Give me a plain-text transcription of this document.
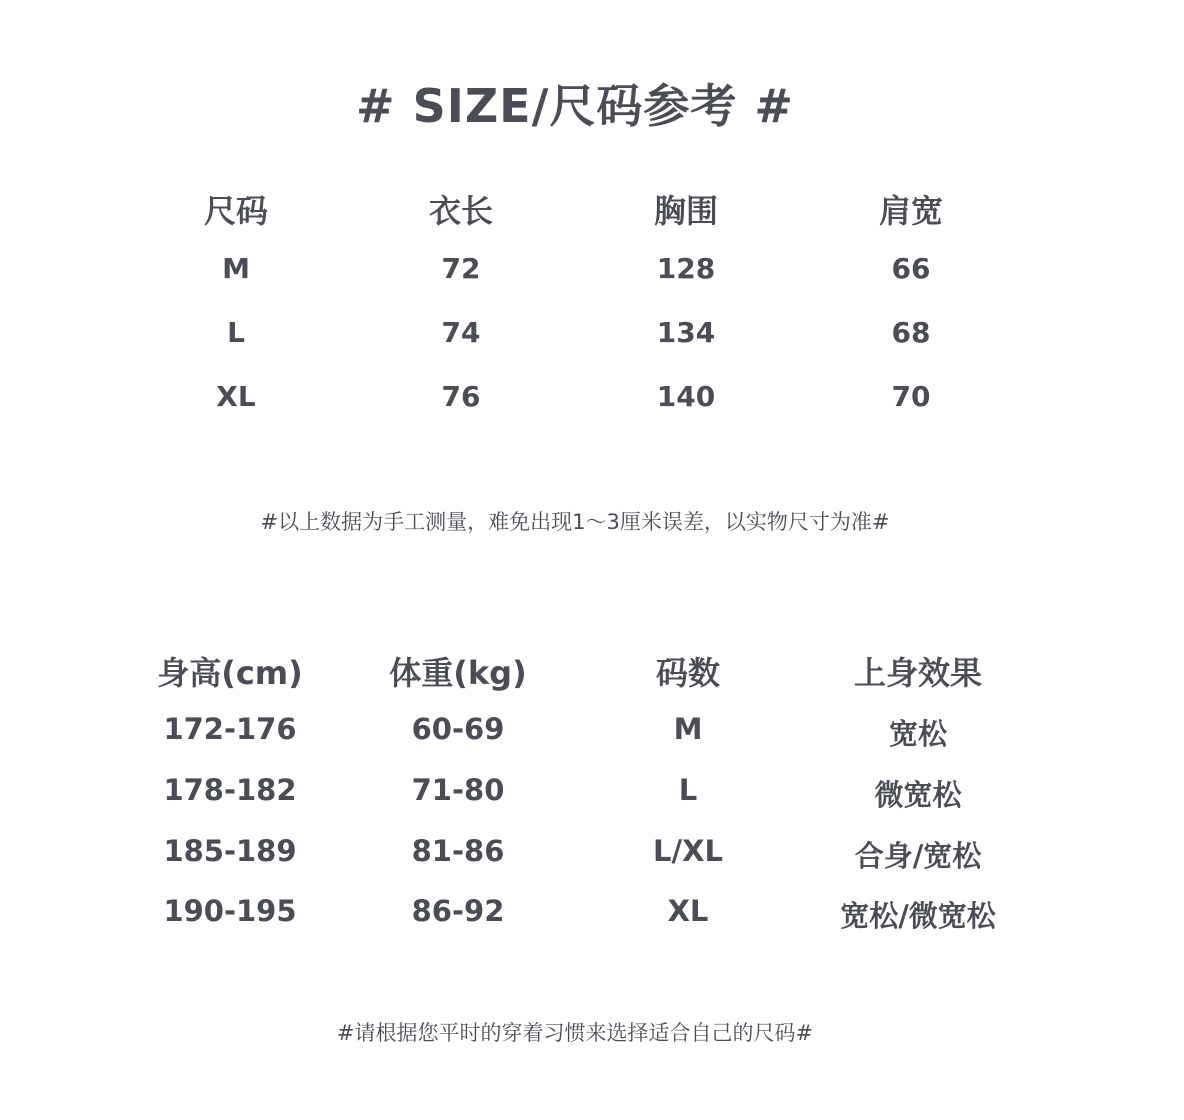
# SIZE/尺码参考 #
尺码	衣长	胸围	肩宽
M	72	128	66
L	74	134	68
XL	76	140	70
#以上数据为手工测量，难免出现1～3厘米误差，以实物尺寸为准#
身高(cm)	体重(kg)	码数	上身效果
172-176	60-69	M	宽松
178-182	71-80	L	微宽松
185-189	81-86	L/XL	合身/宽松
190-195	86-92	XL	宽松/微宽松
#请根据您平时的穿着习惯来选择适合自己的尺码#
